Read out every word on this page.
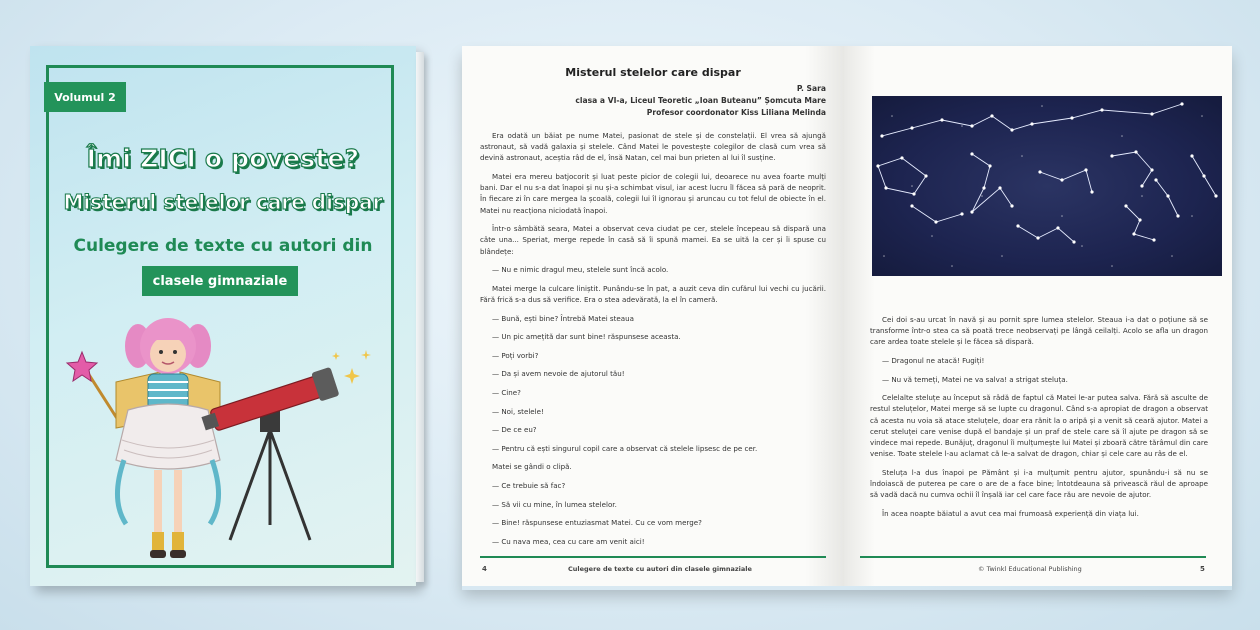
Volumul 2
Îmi ZICI o poveste?
Misterul stelelor care dispar
Culegere de texte cu autori din
clasele gimnaziale
Misterul stelelor care dispar
P. Sara
clasa a VI-a, Liceul Teoretic „Ioan Buteanu” Șomcuta Mare
Profesor coordonator Kiss Liliana Melinda

Era odată un băiat pe nume Matei, pasionat de stele și de constelații. El vrea să ajungă astronaut, să vadă galaxia și stelele. Când Matei le povestește colegilor de clasă cum vrea să devină astronaut, aceștia râd de el, însă Natan, cel mai bun prieten al lui îl susține.

Matei era mereu batjocorit și luat peste picior de colegii lui, deoarece nu avea foarte mulți bani. Dar el nu s-a dat înapoi și nu și-a schimbat visul, iar acest lucru îl făcea să pară de neoprit. În fiecare zi în care mergea la școală, colegii lui îl ignorau și aruncau cu tot felul de obiecte în el. Matei nu reacționa niciodată înapoi.

Într-o sâmbătă seara, Matei a observat ceva ciudat pe cer, stelele începeau să dispară una câte una... Speriat, merge repede în casă să îi spună mamei. Ea se uită la cer și îi spuse cu blândețe:

— Nu e nimic dragul meu, stelele sunt încă acolo.

Matei merge la culcare liniștit. Punându-se în pat, a auzit ceva din cufărul lui vechi cu jucării. Fără frică s-a dus să verifice. Era o stea adevărată, la el în cameră.

— Bună, ești bine? Întrebă Matei steaua

— Un pic amețită dar sunt bine! răspunsese aceasta.

— Poți vorbi?

— Da și avem nevoie de ajutorul tău!

— Cine?

— Noi, stelele!

— De ce eu?

— Pentru că ești singurul copil care a observat că stelele lipsesc de pe cer.

Matei se gândi o clipă.

— Ce trebuie să fac?

— Să vii cu mine, în lumea stelelor.

— Bine! răspunsese entuziasmat Matei. Cu ce vom merge?

— Cu nava mea, cea cu care am venit aici!

Cei doi s-au urcat în navă și au pornit spre lumea stelelor. Steaua i-a dat o poțiune să se transforme într-o stea ca să poată trece neobservați pe lângă ceilalți. Acolo se afla un dragon care ardea toate stelele și le făcea să dispară.

— Dragonul ne atacă! Fugiți!

— Nu vă temeți, Matei ne va salva! a strigat steluța.

Celelalte steluțe au început să râdă de faptul că Matei le-ar putea salva. Fără să asculte de restul steluțelor, Matei merge să se lupte cu dragonul. Când s-a apropiat de dragon a observat că acesta nu voia să atace steluțele, doar era rănit la o aripă și a venit să ceară ajutor. Matei a cerut steluței care venise după el bandaje și un praf de stele care să îl ajute pe dragon să se vindece mai repede. Bunăjuț, dragonul îi mulțumește lui Matei și zboară către tărâmul din care venise. Toate stelele l-au aclamat că le-a salvat de dragon, chiar și cele care au râs de el.

Steluța l-a dus înapoi pe Pământ și i-a mulțumit pentru ajutor, spunându-i să nu se îndoiască de puterea pe care o are de a face bine; întotdeauna să privească răul de aproape să vadă dacă nu cumva ochii îl înșală iar cel care face rău are nevoie de ajutor.

În acea noapte băiatul a avut cea mai frumoasă experiență din viața lui.

4	Culegere de texte cu autori din clasele gimnaziale	© Twinkl Educational Publishing	5
